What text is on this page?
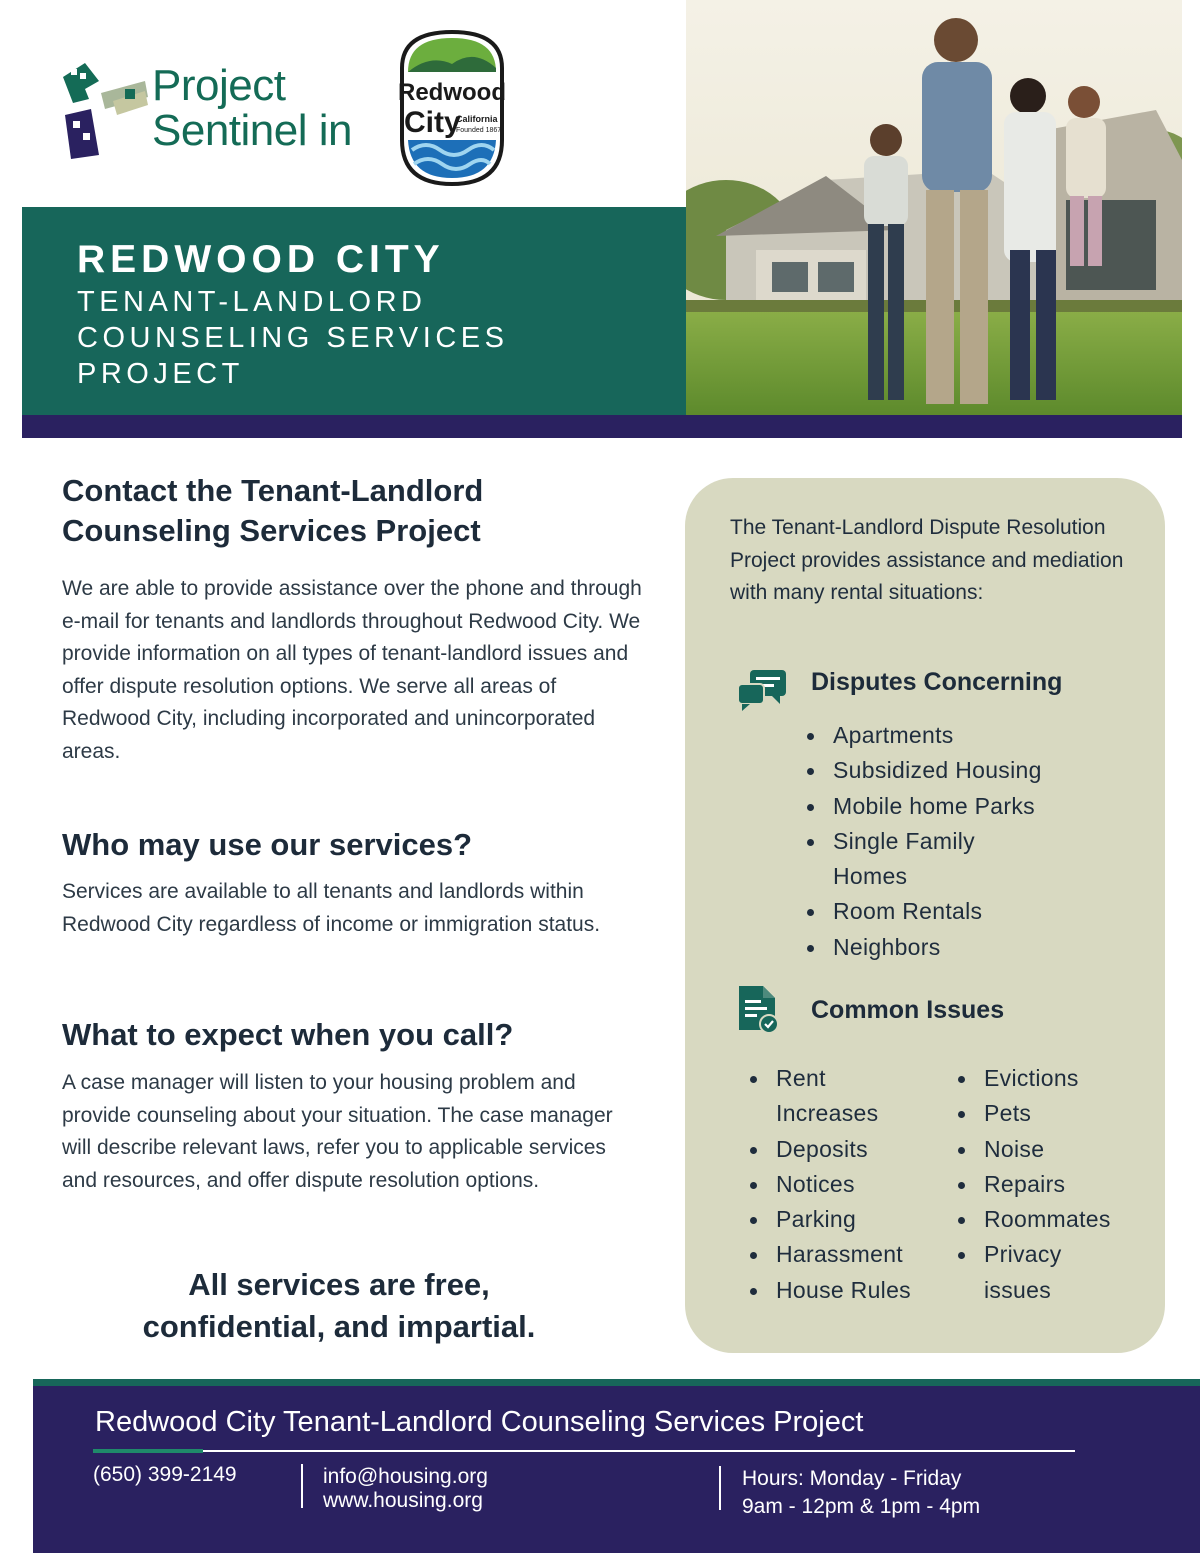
Project
Sentinel in
Redwood
City
California
Founded 1867
REDWOOD CITY
TENANT-LANDLORD
COUNSELING SERVICES
PROJECT
Contact the Tenant-Landlord
Counseling Services Project
We are able to provide assistance over the phone and through e-mail for tenants and landlords throughout Redwood City. We provide information on all types of tenant-landlord issues and offer dispute resolution options. We serve all areas of Redwood City, including incorporated and unincorporated areas.
Who may use our services?
Services are available to all tenants and landlords within Redwood City regardless of income or immigration status.
What to expect when you call?
A case manager will listen to your housing problem and provide counseling about your situation. The case manager will describe relevant laws, refer you to applicable services and resources, and offer dispute resolution options.
All services are free,
confidential, and impartial.
The Tenant-Landlord Dispute Resolution Project provides assistance and mediation with many rental situations:
Disputes Concerning
Apartments
Subsidized Housing
Mobile home Parks
Single Family Homes
Room Rentals
Neighbors
Common Issues
Rent Increases
Deposits
Notices
Parking
Harassment
House Rules
Evictions
Pets
Noise
Repairs
Roommates
Privacy issues
Redwood City Tenant-Landlord Counseling Services Project
(650) 399-2149	info@housing.org
www.housing.org
Hours: Monday - Friday
9am - 12pm & 1pm - 4pm
